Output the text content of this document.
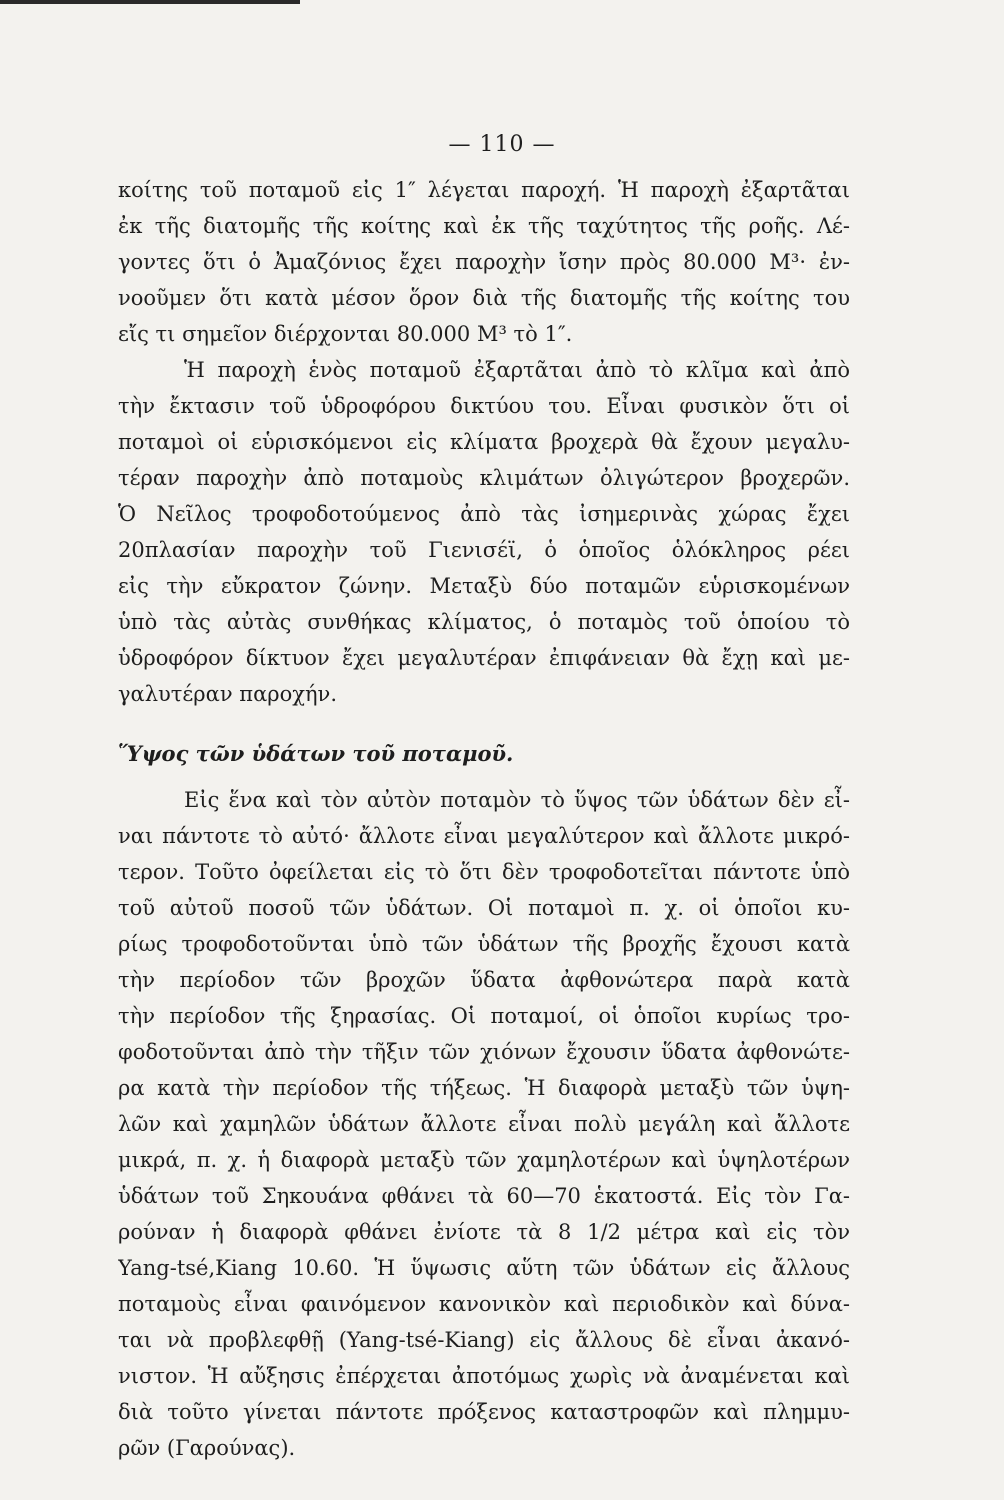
— 110 —
κοίτης τοῦ ποταμοῦ εἰς 1″ λέγεται παροχή. Ἡ παροχὴ ἐξαρτᾶται
ἐκ τῆς διατομῆς τῆς κοίτης καὶ ἐκ τῆς ταχύτητος τῆς ροῆς. Λέ-
γοντες ὅτι ὁ Ἀμαζόνιος ἔχει παροχὴν ἴσην πρὸς 80.000 Μ³· ἐν-
νοοῦμεν ὅτι κατὰ μέσον ὅρον διὰ τῆς διατομῆς τῆς κοίτης του
εἴς τι σημεῖον διέρχονται 80.000 Μ³ τὸ 1″.
Ἡ παροχὴ ἑνὸς ποταμοῦ ἐξαρτᾶται ἀπὸ τὸ κλῖμα καὶ ἀπὸ
τὴν ἔκτασιν τοῦ ὑδροφόρου δικτύου του. Εἶναι φυσικὸν ὅτι οἱ
ποταμοὶ οἱ εὑρισκόμενοι εἰς κλίματα βροχερὰ θὰ ἔχουν μεγαλυ-
τέραν παροχὴν ἀπὸ ποταμοὺς κλιμάτων ὀλιγώτερον βροχερῶν.
Ὁ Νεῖλος τροφοδοτούμενος ἀπὸ τὰς ἰσημερινὰς χώρας ἔχει
20πλασίαν παροχὴν τοῦ Γιενισέϊ, ὁ ὁποῖος ὁλόκληρος ρέει
εἰς τὴν εὔκρατον ζώνην. Μεταξὺ δύο ποταμῶν εὑρισκομένων
ὑπὸ τὰς αὐτὰς συνθήκας κλίματος, ὁ ποταμὸς τοῦ ὁποίου τὸ
ὑδροφόρον δίκτυον ἔχει μεγαλυτέραν ἐπιφάνειαν θὰ ἔχῃ καὶ με-
γαλυτέραν παροχήν.
Ὕψος τῶν ὑδάτων τοῦ ποταμοῦ.
Εἰς ἕνα καὶ τὸν αὐτὸν ποταμὸν τὸ ὕψος τῶν ὑδάτων δὲν εἶ-
ναι πάντοτε τὸ αὐτό· ἄλλοτε εἶναι μεγαλύτερον καὶ ἄλλοτε μικρό-
τερον. Τοῦτο ὀφείλεται εἰς τὸ ὅτι δὲν τροφοδοτεῖται πάντοτε ὑπὸ
τοῦ αὐτοῦ ποσοῦ τῶν ὑδάτων. Οἱ ποταμοὶ π. χ. οἱ ὁποῖοι κυ-
ρίως τροφοδοτοῦνται ὑπὸ τῶν ὑδάτων τῆς βροχῆς ἔχουσι κατὰ
τὴν περίοδον τῶν βροχῶν ὕδατα ἀφθονώτερα παρὰ κατὰ
τὴν περίοδον τῆς ξηρασίας. Οἱ ποταμοί, οἱ ὁποῖοι κυρίως τρο-
φοδοτοῦνται ἀπὸ τὴν τῆξιν τῶν χιόνων ἔχουσιν ὕδατα ἀφθονώτε-
ρα κατὰ τὴν περίοδον τῆς τήξεως. Ἡ διαφορὰ μεταξὺ τῶν ὑψη-
λῶν καὶ χαμηλῶν ὑδάτων ἄλλοτε εἶναι πολὺ μεγάλη καὶ ἄλλοτε
μικρά, π. χ. ἡ διαφορὰ μεταξὺ τῶν χαμηλοτέρων καὶ ὑψηλοτέρων
ὑδάτων τοῦ Σηκουάνα φθάνει τὰ 60—70 ἑκατοστά. Εἰς τὸν Γα-
ρούναν ἡ διαφορὰ φθάνει ἐνίοτε τὰ 8 1/2 μέτρα καὶ εἰς τὸν
Yang-tsé,Kiang 10.60. Ἡ ὕψωσις αὕτη τῶν ὑδάτων εἰς ἄλλους
ποταμοὺς εἶναι φαινόμενον κανονικὸν καὶ περιοδικὸν καὶ δύνα-
ται νὰ προβλεφθῇ (Yang-tsé-Kiang) εἰς ἄλλους δὲ εἶναι ἀκανό-
νιστον. Ἡ αὔξησις ἐπέρχεται ἀποτόμως χωρὶς νὰ ἀναμένεται καὶ
διὰ τοῦτο γίνεται πάντοτε πρόξενος καταστροφῶν καὶ πλημμυ-
ρῶν (Γαρούνας).
